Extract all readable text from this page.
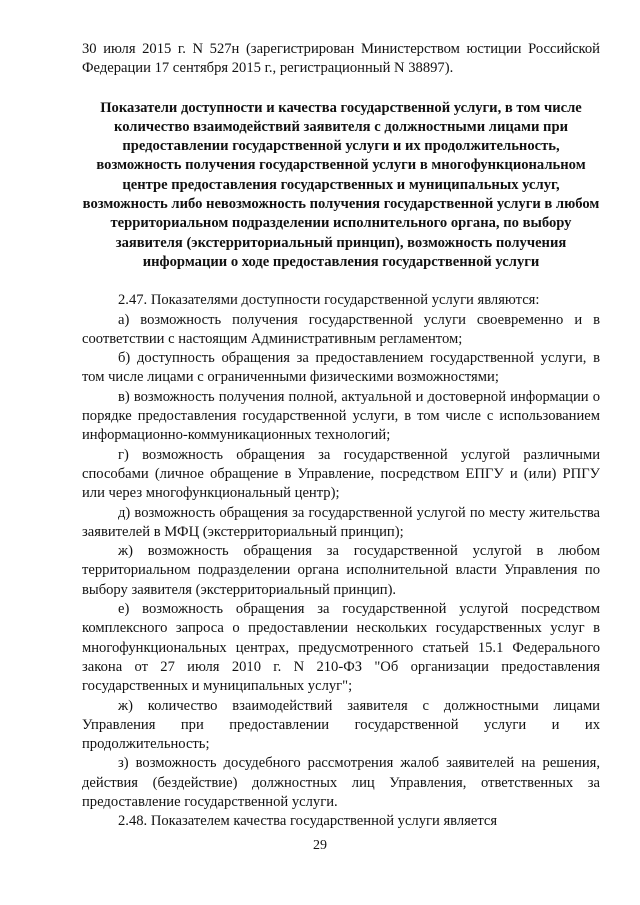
30 июля 2015 г. N 527н (зарегистрирован Министерством юстиции Российской Федерации 17 сентября 2015 г., регистрационный N 38897).

Показатели доступности и качества государственной услуги, в том числе количество взаимодействий заявителя с должностными лицами при предоставлении государственной услуги и их продолжительность, возможность получения государственной услуги в многофункциональном центре предоставления государственных и муниципальных услуг, возможность либо невозможность получения государственной услуги в любом территориальном подразделении исполнительного органа, по выбору заявителя (экстерриториальный принцип), возможность получения информации о ходе предоставления государственной услуги

2.47. Показателями доступности государственной услуги являются:

а) возможность получения государственной услуги своевременно и в соответствии с настоящим Административным регламентом;

б) доступность обращения за предоставлением государственной услуги, в том числе лицами с ограниченными физическими возможностями;

в) возможность получения полной, актуальной и достоверной информации о порядке предоставления государственной услуги, в том числе с использованием информационно-коммуникационных технологий;

г) возможность обращения за государственной услугой различными способами (личное обращение в Управление, посредством ЕПГУ и (или) РПГУ или через многофункциональный центр);

д) возможность обращения за государственной услугой по месту жительства заявителей в МФЦ (экстерриториальный принцип);

ж) возможность обращения за государственной услугой в любом территориальном подразделении органа исполнительной власти Управления по выбору заявителя (экстерриториальный принцип).

е) возможность обращения за государственной услугой посредством комплексного запроса о предоставлении нескольких государственных услуг в многофункциональных центрах, предусмотренного статьей 15.1 Федерального закона от 27 июля 2010 г. N 210-ФЗ "Об организации предоставления государственных и муниципальных услуг";

ж) количество взаимодействий заявителя с должностными лицами Управления при предоставлении государственной услуги и их продолжительность;

з) возможность досудебного рассмотрения жалоб заявителей на решения, действия (бездействие) должностных лиц Управления, ответственных за предоставление государственной услуги.

2.48. Показателем качества государственной услуги является

29
